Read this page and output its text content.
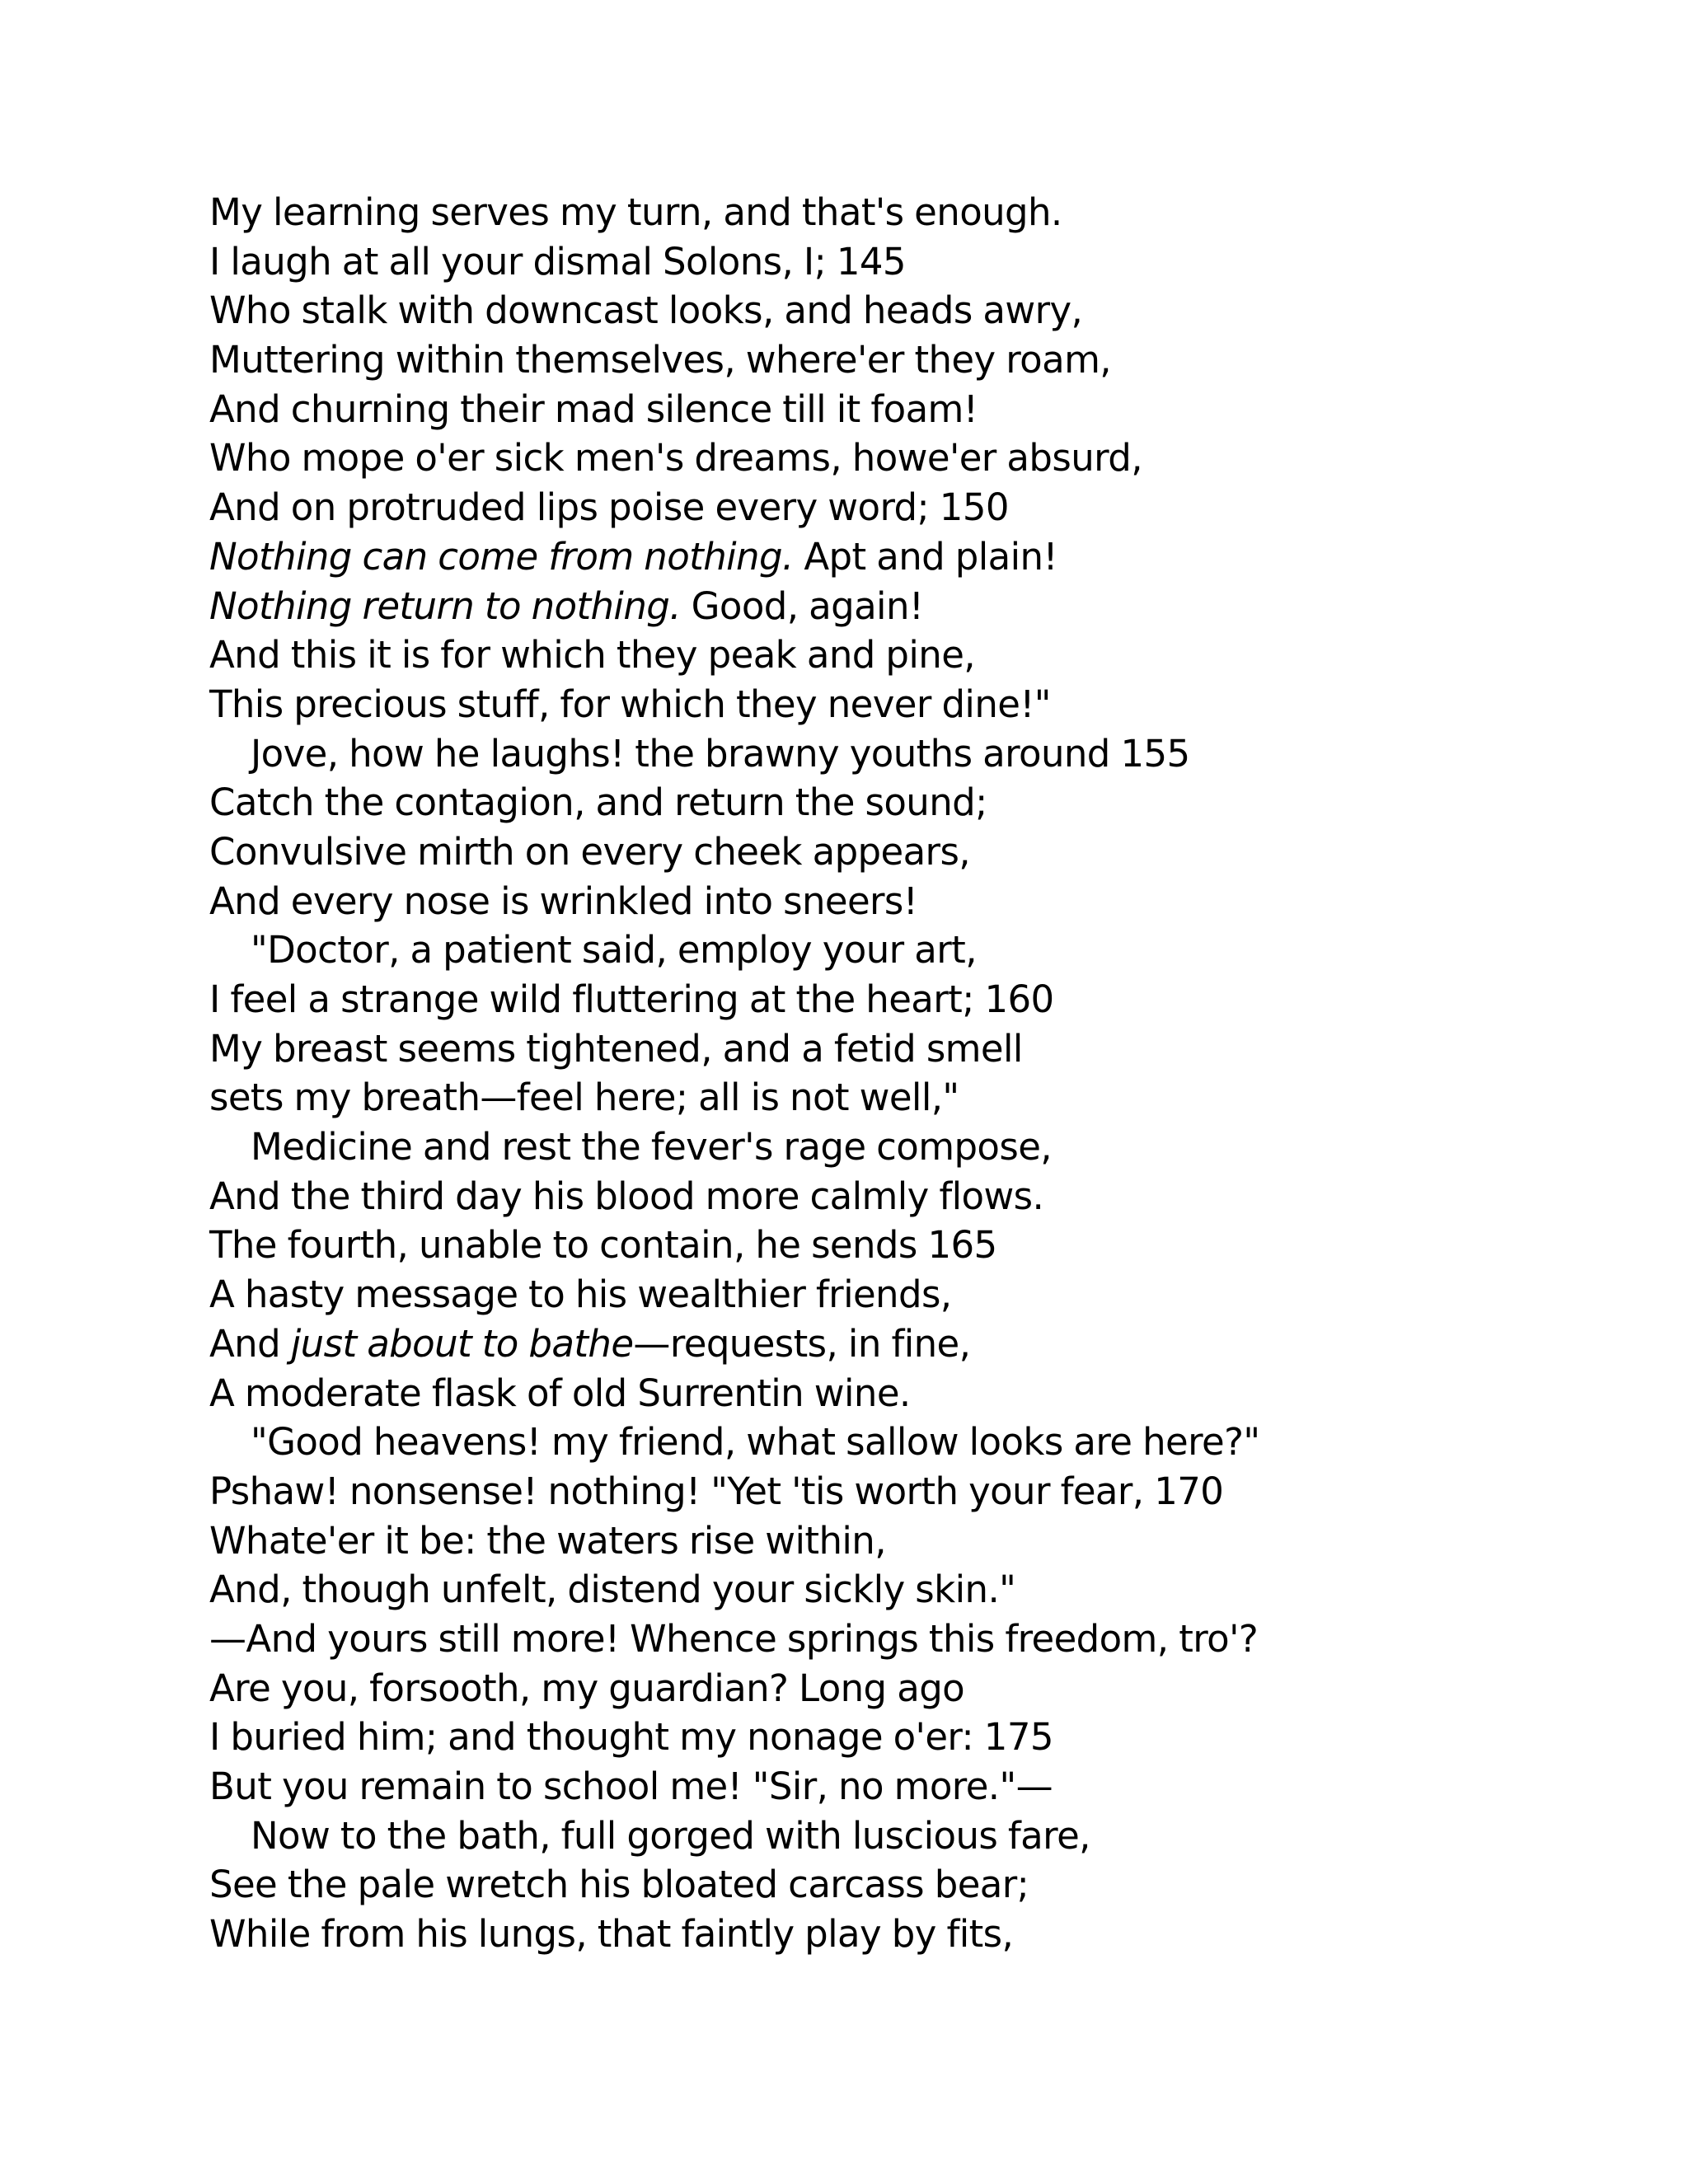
My learning serves my turn, and that's enough.
I laugh at all your dismal Solons, I; 145
Who stalk with downcast looks, and heads awry,
Muttering within themselves, where'er they roam,
And churning their mad silence till it foam!
Who mope o'er sick men's dreams, howe'er absurd,
And on protruded lips poise every word; 150
Nothing can come from nothing. Apt and plain!
Nothing return to nothing. Good, again!
And this it is for which they peak and pine,
This precious stuff, for which they never dine!"
Jove, how he laughs! the brawny youths around 155
Catch the contagion, and return the sound;
Convulsive mirth on every cheek appears,
And every nose is wrinkled into sneers!
"Doctor, a patient said, employ your art,
I feel a strange wild fluttering at the heart; 160
My breast seems tightened, and a fetid smell
sets my breath—feel here; all is not well,"
Medicine and rest the fever's rage compose,
And the third day his blood more calmly flows.
The fourth, unable to contain, he sends 165
A hasty message to his wealthier friends,
And just about to bathe—requests, in fine,
A moderate flask of old Surrentin wine.
"Good heavens! my friend, what sallow looks are here?"
Pshaw! nonsense! nothing! "Yet 'tis worth your fear, 170
Whate'er it be: the waters rise within,
And, though unfelt, distend your sickly skin."
—And yours still more! Whence springs this freedom, tro'?
Are you, forsooth, my guardian? Long ago
I buried him; and thought my nonage o'er: 175
But you remain to school me! "Sir, no more."—
Now to the bath, full gorged with luscious fare,
See the pale wretch his bloated carcass bear;
While from his lungs, that faintly play by fits,
